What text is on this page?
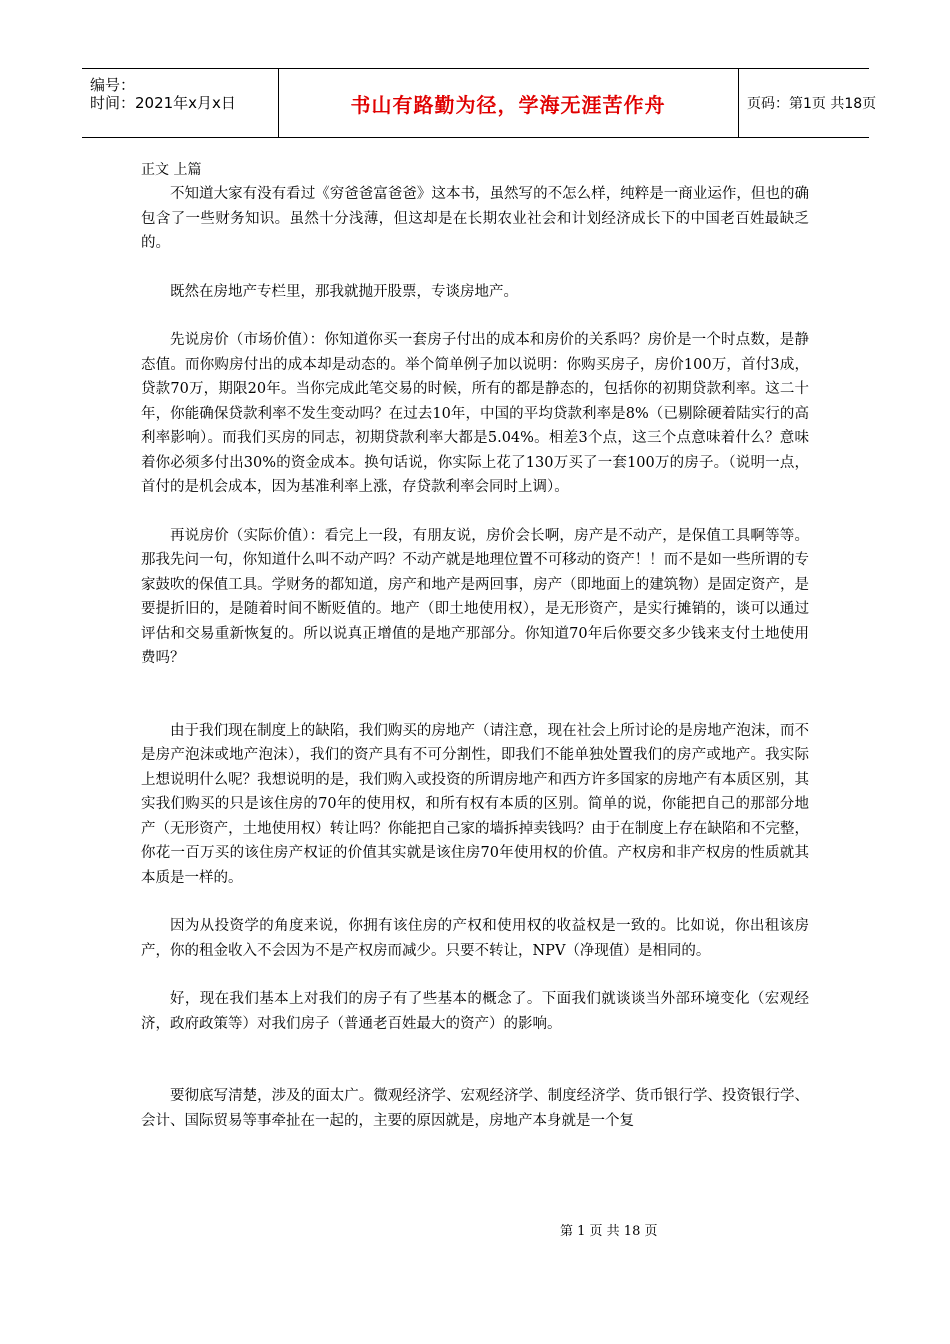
编号：
时间：2021年x月x日	书山有路勤为径，学海无涯苦作舟	页码：第1页 共18页
正文 上篇

不知道大家有没有看过《穷爸爸富爸爸》这本书，虽然写的不怎么样，纯粹是一商业运作，但也的确包含了一些财务知识。虽然十分浅薄，但这却是在长期农业社会和计划经济成长下的中国老百姓最缺乏的。

既然在房地产专栏里，那我就抛开股票，专谈房地产。

先说房价（市场价值）：你知道你买一套房子付出的成本和房价的关系吗？房价是一个时点数，是静态值。而你购房付出的成本却是动态的。举个简单例子加以说明：你购买房子，房价100万，首付3成，贷款70万，期限20年。当你完成此笔交易的时候，所有的都是静态的，包括你的初期贷款利率。这二十年，你能确保贷款利率不发生变动吗？在过去10年，中国的平均贷款利率是8%（已剔除硬着陆实行的高利率影响）。而我们买房的同志，初期贷款利率大都是5.04%。相差3个点，这三个点意味着什么？意味着你必须多付出30%的资金成本。换句话说，你实际上花了130万买了一套100万的房子。（说明一点，首付的是机会成本，因为基准利率上涨，存贷款利率会同时上调）。

再说房价（实际价值）：看完上一段，有朋友说，房价会长啊，房产是不动产，是保值工具啊等等。那我先问一句，你知道什么叫不动产吗？不动产就是地理位置不可移动的资产！！而不是如一些所谓的专家鼓吹的保值工具。学财务的都知道，房产和地产是两回事，房产（即地面上的建筑物）是固定资产，是要提折旧的，是随着时间不断贬值的。地产（即土地使用权），是无形资产，是实行摊销的，谈可以通过评估和交易重新恢复的。所以说真正增值的是地产那部分。你知道70年后你要交多少钱来支付土地使用费吗？

由于我们现在制度上的缺陷，我们购买的房地产（请注意，现在社会上所讨论的是房地产泡沫，而不是房产泡沫或地产泡沫），我们的资产具有不可分割性，即我们不能单独处置我们的房产或地产。我实际上想说明什么呢？我想说明的是，我们购入或投资的所谓房地产和西方许多国家的房地产有本质区别，其实我们购买的只是该住房的70年的使用权，和所有权有本质的区别。简单的说，你能把自己的那部分地产（无形资产，土地使用权）转让吗？你能把自己家的墙拆掉卖钱吗？由于在制度上存在缺陷和不完整，你花一百万买的该住房产权证的价值其实就是该住房70年使用权的价值。产权房和非产权房的性质就其本质是一样的。

因为从投资学的角度来说，你拥有该住房的产权和使用权的收益权是一致的。比如说，你出租该房产，你的租金收入不会因为不是产权房而减少。只要不转让，NPV（净现值）是相同的。

好，现在我们基本上对我们的房子有了些基本的概念了。下面我们就谈谈当外部环境变化（宏观经济，政府政策等）对我们房子（普通老百姓最大的资产）的影响。

要彻底写清楚，涉及的面太广。微观经济学、宏观经济学、制度经济学、货币银行学、投资银行学、会计、国际贸易等事牵扯在一起的，主要的原因就是，房地产本身就是一个复

第 1 页 共 18 页
